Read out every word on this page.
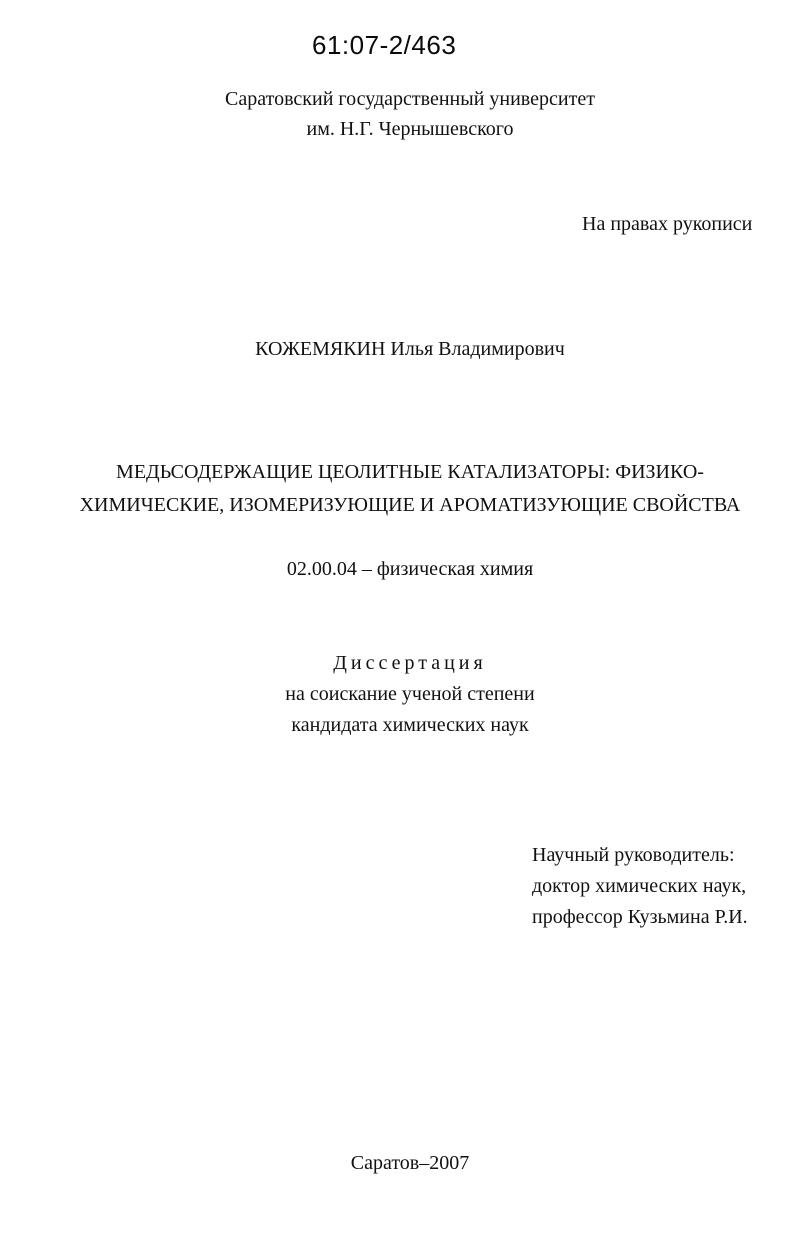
61:07-2/463
Саратовский государственный университет
им. Н.Г. Чернышевского
На правах рукописи
КОЖЕМЯКИН Илья Владимирович
МЕДЬСОДЕРЖАЩИЕ ЦЕОЛИТНЫЕ КАТАЛИЗАТОРЫ: ФИЗИКО-
ХИМИЧЕСКИЕ, ИЗОМЕРИЗУЮЩИЕ И АРОМАТИЗУЮЩИЕ СВОЙСТВА
02.00.04 – физическая химия
Диссертация
на соискание ученой степени
кандидата химических наук
Научный руководитель:
доктор химических наук,
профессор Кузьмина Р.И.
Саратов–2007
